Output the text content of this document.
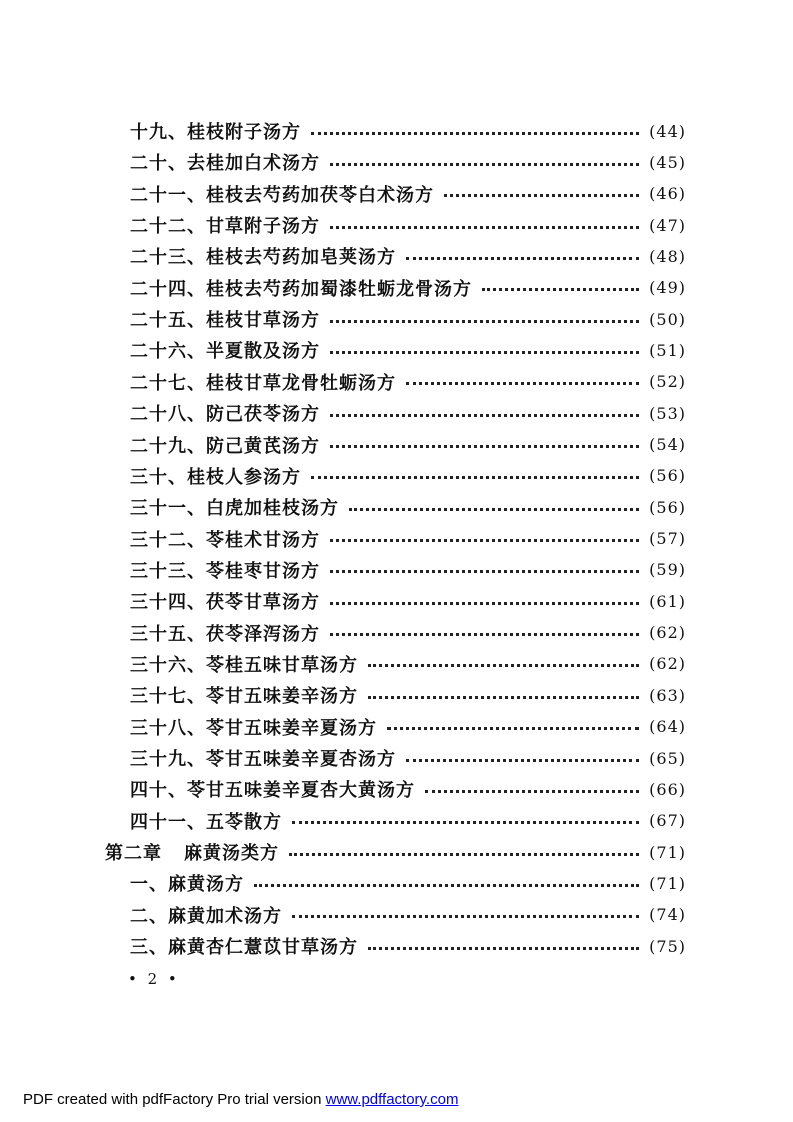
十九、桂枝附子汤方	(44)
二十、去桂加白术汤方	(45)
二十一、桂枝去芍药加茯苓白术汤方	(46)
二十二、甘草附子汤方	(47)
二十三、桂枝去芍药加皂荚汤方	(48)
二十四、桂枝去芍药加蜀漆牡蛎龙骨汤方	(49)
二十五、桂枝甘草汤方	(50)
二十六、半夏散及汤方	(51)
二十七、桂枝甘草龙骨牡蛎汤方	(52)
二十八、防己茯苓汤方	(53)
二十九、防己黄芪汤方	(54)
三十、桂枝人参汤方	(56)
三十一、白虎加桂枝汤方	(56)
三十二、苓桂术甘汤方	(57)
三十三、苓桂枣甘汤方	(59)
三十四、茯苓甘草汤方	(61)
三十五、茯苓泽泻汤方	(62)
三十六、苓桂五味甘草汤方	(62)
三十七、苓甘五味姜辛汤方	(63)
三十八、苓甘五味姜辛夏汤方	(64)
三十九、苓甘五味姜辛夏杏汤方	(65)
四十、苓甘五味姜辛夏杏大黄汤方	(66)
四十一、五苓散方	(67)
第二章 麻黄汤类方	(71)
一、麻黄汤方	(71)
二、麻黄加术汤方	(74)
三、麻黄杏仁薏苡甘草汤方	(75)
• 2 •
PDF created with pdfFactory Pro trial version www.pdffactory.com
